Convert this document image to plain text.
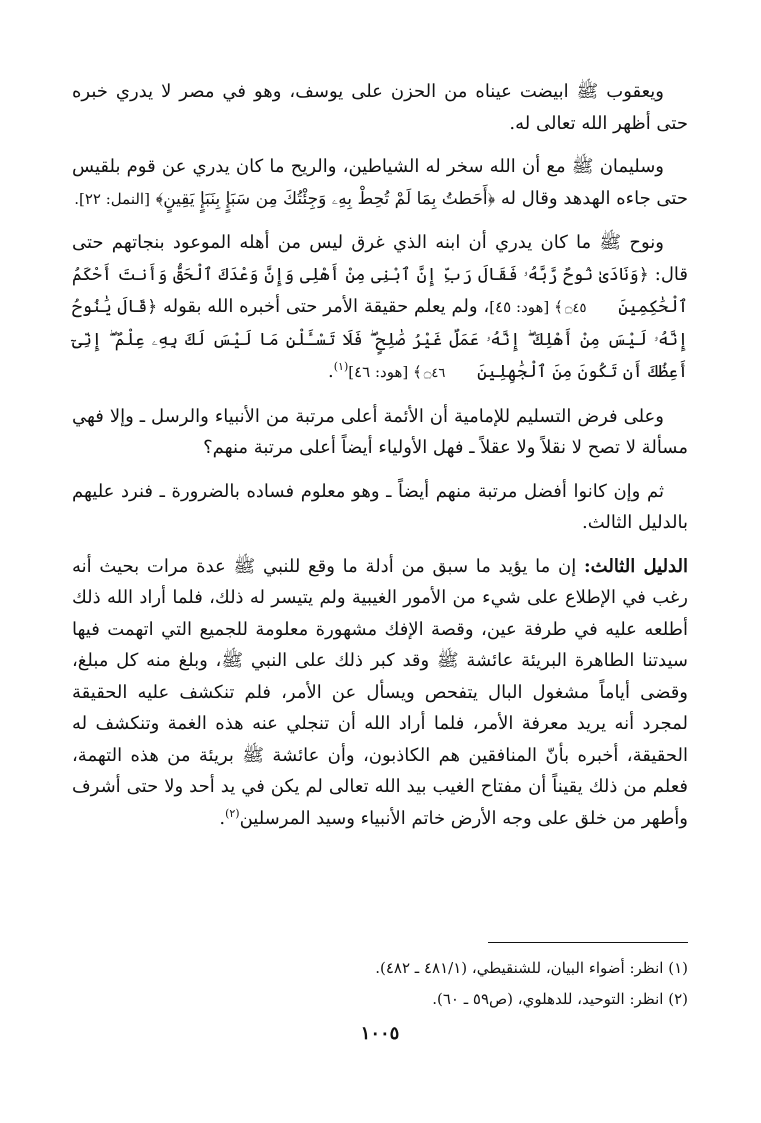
ويعقوب ﷺ ابيضت عيناه من الحزن على يوسف، وهو في مصر لا يدري خبره حتى أظهر الله تعالى له.

وسليمان ﷺ مع أن الله سخر له الشياطين، والريح ما كان يدري عن قوم بلقيس حتى جاءه الهدهد وقال له ﴿أَحَطتُ بِمَا لَمْ تُحِطْ بِهِۦ وَجِئْتُكَ مِن سَبَإٍ بِنَبَإٍ يَقِينٍ﴾ [النمل: ٢٢].

ونوح ﷺ ما كان يدري أن ابنه الذي غرق ليس من أهله الموعود بنجاتهم حتى قال: ﴿وَنَادَىٰ نُوحٌ رَّبَّهُۥ فَقَالَ رَبِّ إِنَّ ٱبْنِى مِنْ أَهْلِى وَإِنَّ وَعْدَكَ ٱلْحَقُّ وَأَنتَ أَحْكَمُ ٱلْحَٰكِمِينَ ۝٤٥﴾ [هود: ٤٥]، ولم يعلم حقيقة الأمر حتى أخبره الله بقوله ﴿قَالَ يَٰنُوحُ إِنَّهُۥ لَيْسَ مِنْ أَهْلِكَ ۖ إِنَّهُۥ عَمَلٌ غَيْرُ صَٰلِحٍ ۖ فَلَا تَسْـَٔلْنِ مَا لَيْسَ لَكَ بِهِۦ عِلْمٌ ۖ إِنِّىٓ أَعِظُكَ أَن تَكُونَ مِنَ ٱلْجَٰهِلِينَ ۝٤٦﴾ [هود: ٤٦]$^{(١)}$.

وعلى فرض التسليم للإمامية أن الأئمة أعلى مرتبة من الأنبياء والرسل ـ وإلا فهي مسألة لا تصح لا نقلاً ولا عقلاً ـ فهل الأولياء أيضاً أعلى مرتبة منهم؟

ثم وإن كانوا أفضل مرتبة منهم أيضاً ـ وهو معلوم فساده بالضرورة ـ فنرد عليهم بالدليل الثالث.

الدليل الثالث: إن ما يؤيد ما سبق من أدلة ما وقع للنبي ﷺ عدة مرات بحيث أنه رغب في الإطلاع على شيء من الأمور الغيبية ولم يتيسر له ذلك، فلما أراد الله ذلك أطلعه عليه في طرفة عين، وقصة الإفك مشهورة معلومة للجميع التي اتهمت فيها سيدتنا الطاهرة البريئة عائشة ﷺ وقد كبر ذلك على النبي ﷺ، وبلغ منه كل مبلغ، وقضى أياماً مشغول البال يتفحص ويسأل عن الأمر، فلم تنكشف عليه الحقيقة لمجرد أنه يريد معرفة الأمر، فلما أراد الله أن تنجلي عنه هذه الغمة وتنكشف له الحقيقة، أخبره بأنّ المنافقين هم الكاذبون، وأن عائشة ﷺ بريئة من هذه التهمة، فعلم من ذلك يقيناً أن مفتاح الغيب بيد الله تعالى لم يكن في يد أحد ولا حتى أشرف وأطهر من خلق على وجه الأرض خاتم الأنبياء وسيد المرسلين$^{(٢)}$.

(١) انظر: أضواء البيان، للشنقيطي، (٤٨١/١ ـ ٤٨٢).

(٢) انظر: التوحيد، للدهلوي، (ص٥٩ ـ ٦٠).

١٠٠٥
